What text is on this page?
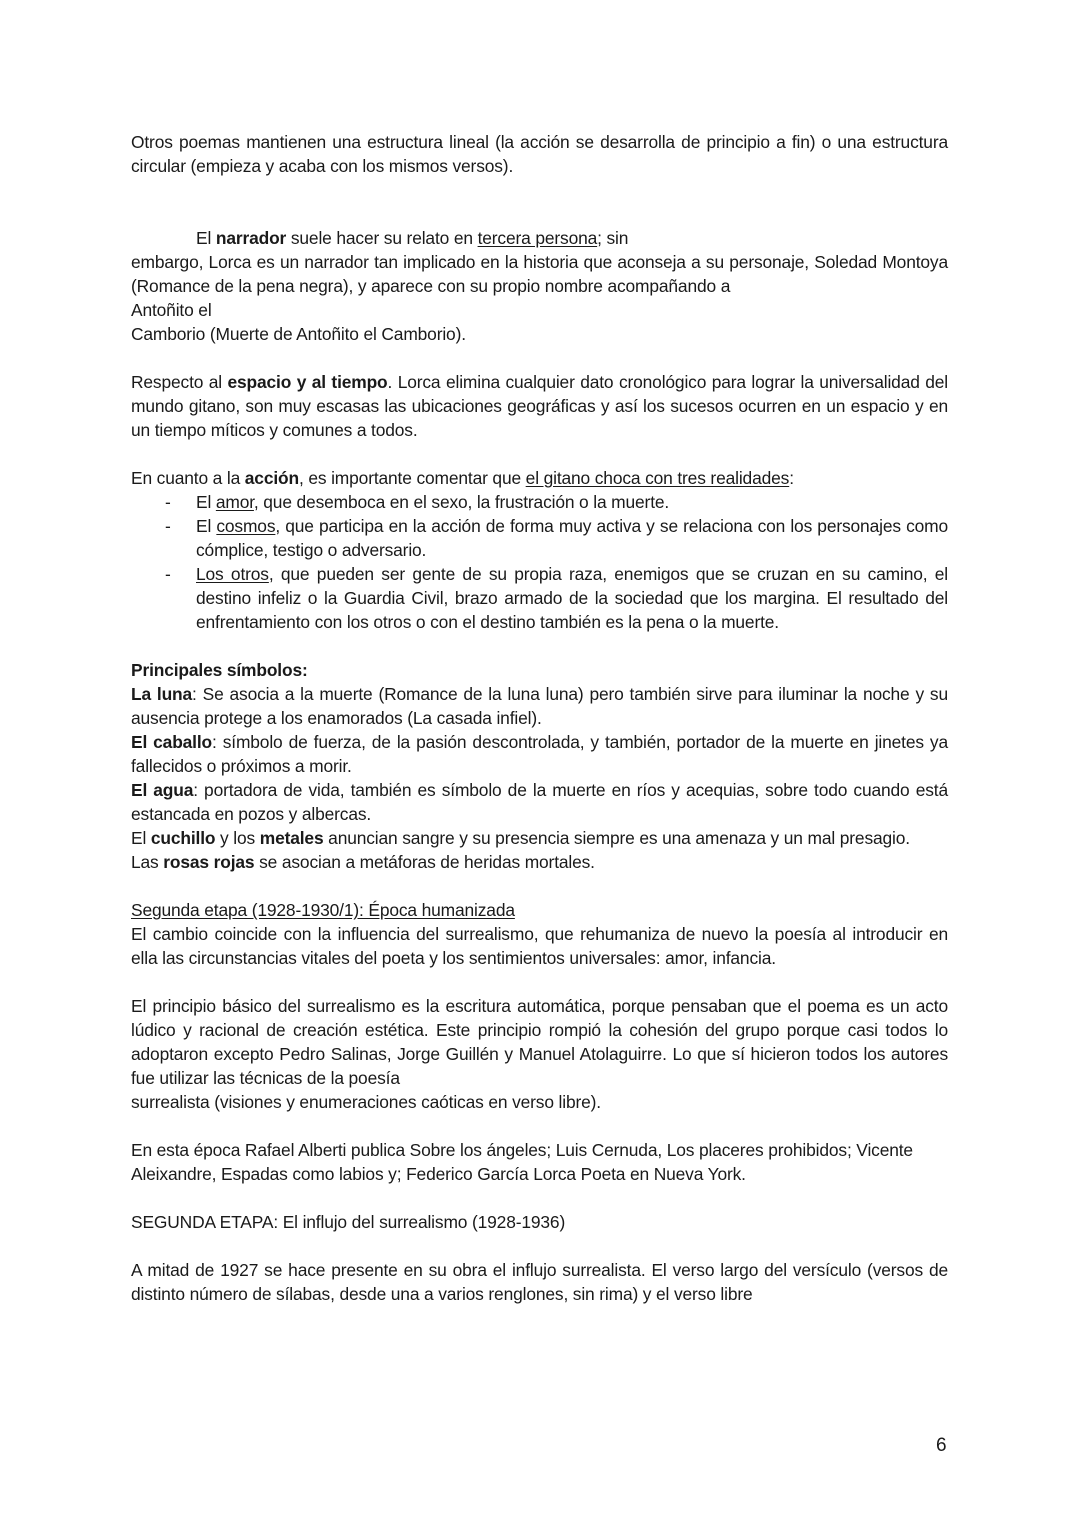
Otros poemas mantienen una estructura lineal (la acción se desarrolla de principio a fin) o una estructura circular (empieza y acaba con los mismos versos).

El narrador suele hacer su relato en tercera persona; sin

embargo, Lorca es un narrador tan implicado en la historia que aconseja a su personaje, Soledad Montoya (Romance de la pena negra), y aparece con su propio nombre acompañando a

Antoñito el

Camborio (Muerte de Antoñito el Camborio).

Respecto al espacio y al tiempo. Lorca elimina cualquier dato cronológico para lograr la universalidad del mundo gitano, son muy escasas las ubicaciones geográficas y así los sucesos ocurren en un espacio y en un tiempo míticos y comunes a todos.

En cuanto a la acción, es importante comentar que el gitano choca con tres realidades:

- El amor, que desemboca en el sexo, la frustración o la muerte.
- El cosmos, que participa en la acción de forma muy activa y se relaciona con los personajes como cómplice, testigo o adversario.
- Los otros, que pueden ser gente de su propia raza, enemigos que se cruzan en su camino, el destino infeliz o la Guardia Civil, brazo armado de la sociedad que los margina. El resultado del enfrentamiento con los otros o con el destino también es la pena o la muerte.

Principales símbolos:

La luna: Se asocia a la muerte (Romance de la luna luna) pero también sirve para iluminar la noche y su ausencia protege a los enamorados (La casada infiel).

El caballo: símbolo de fuerza, de la pasión descontrolada, y también, portador de la muerte en jinetes ya fallecidos o próximos a morir.

El agua: portadora de vida, también es símbolo de la muerte en ríos y acequias, sobre todo cuando está estancada en pozos y albercas.

El cuchillo y los metales anuncian sangre y su presencia siempre es una amenaza y un mal presagio.

Las rosas rojas se asocian a metáforas de heridas mortales.

Segunda etapa (1928-1930/1): Época humanizada

El cambio coincide con la influencia del surrealismo, que rehumaniza de nuevo la poesía al introducir en ella las circunstancias vitales del poeta y los sentimientos universales: amor, infancia.

El principio básico del surrealismo es la escritura automática, porque pensaban que el poema es un acto lúdico y racional de creación estética. Este principio rompió la cohesión del grupo porque casi todos lo adoptaron excepto Pedro Salinas, Jorge Guillén y Manuel Atolaguirre. Lo que sí hicieron todos los autores fue utilizar las técnicas de la poesía

surrealista (visiones y enumeraciones caóticas en verso libre).

En esta época Rafael Alberti publica Sobre los ángeles; Luis Cernuda, Los placeres prohibidos; Vicente Aleixandre, Espadas como labios y; Federico García Lorca Poeta en Nueva York.

SEGUNDA ETAPA: El influjo del surrealismo (1928-1936)

A mitad de 1927 se hace presente en su obra el influjo surrealista. El verso largo del versículo (versos de distinto número de sílabas, desde una a varios renglones, sin rima) y el verso libre

6
